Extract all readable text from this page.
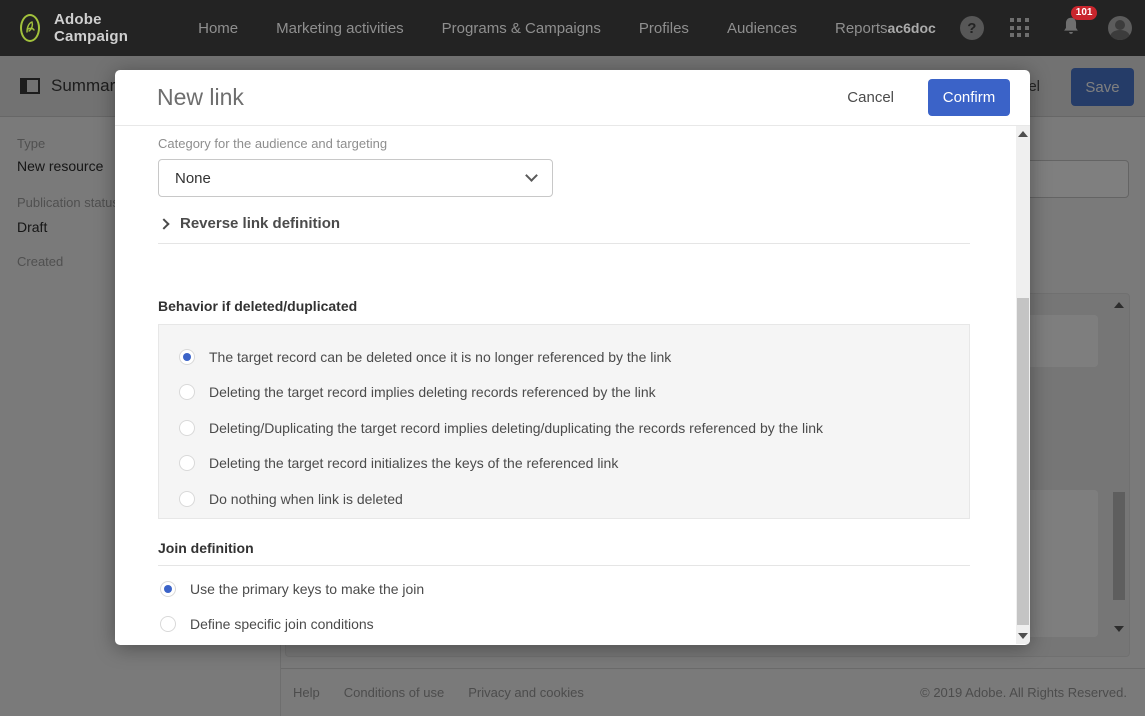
Adobe Campaign	Home	Marketing activities	Programs & Campaigns	Profiles	Audiences	Reports ac6doc	?
101
New link	Cancel	Confirm
Category for the audience and targeting
None
Reverse link definition
Behavior if deleted/duplicated
The target record can be deleted once it is no longer referenced by the link
Deleting the target record implies deleting records referenced by the link
Deleting/Duplicating the target record implies deleting/duplicating the records referenced by the link
Deleting the target record initializes the keys of the referenced link
Do nothing when link is deleted
Join definition
Use the primary keys to make the join
Define specific join conditions
